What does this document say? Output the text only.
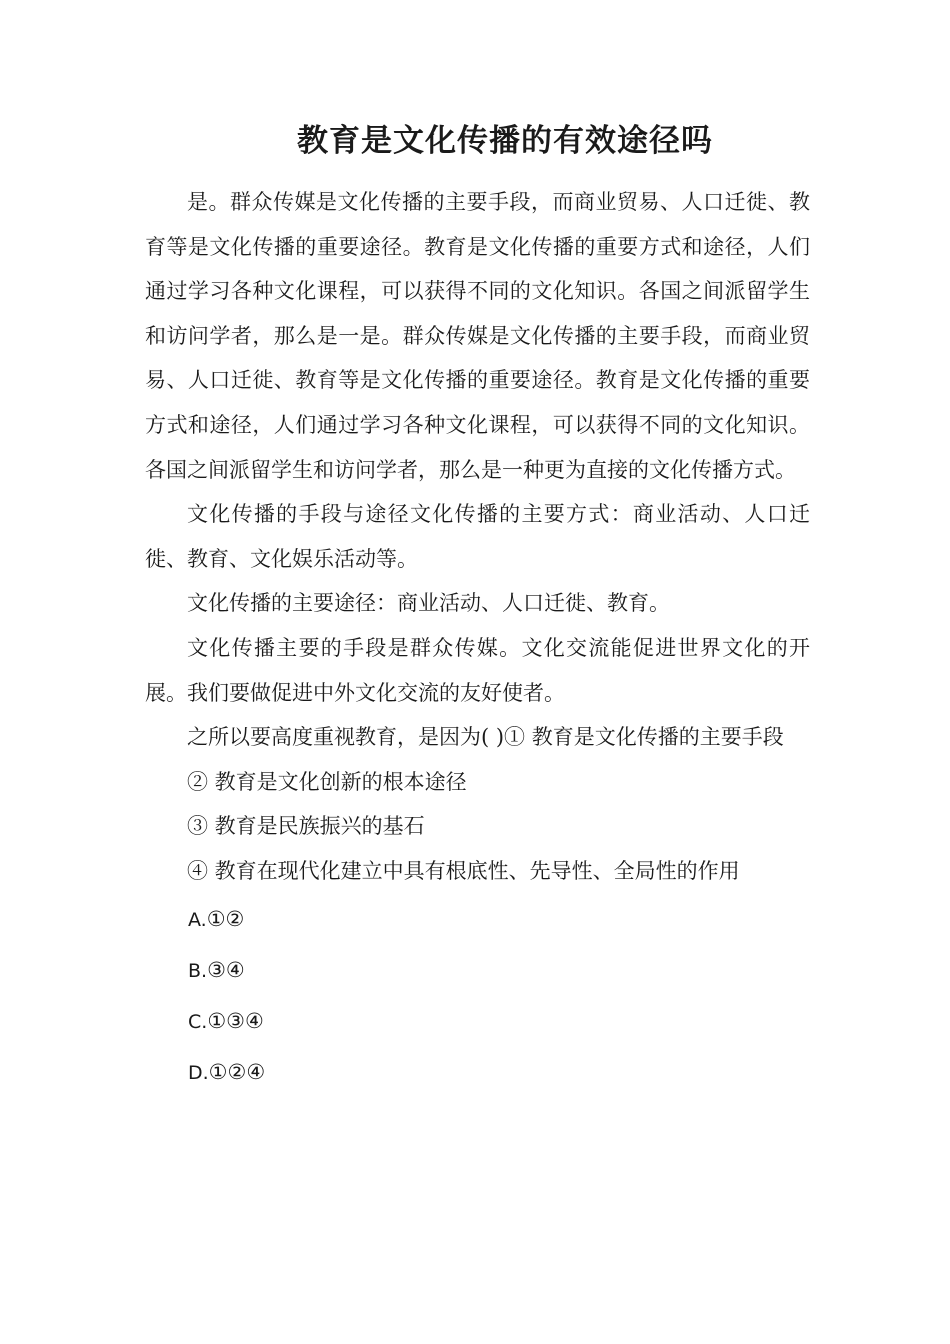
教育是文化传播的有效途径吗

是。群众传媒是文化传播的主要手段，而商业贸易、人口迁徙、教育等是文化传播的重要途径。教育是文化传播的重要方式和途径，人们通过学习各种文化课程，可以获得不同的文化知识。各国之间派留学生和访问学者，那么是一是。群众传媒是文化传播的主要手段，而商业贸易、人口迁徙、教育等是文化传播的重要途径。教育是文化传播的重要方式和途径，人们通过学习各种文化课程，可以获得不同的文化知识。各国之间派留学生和访问学者，那么是一种更为直接的文化传播方式。

文化传播的手段与途径文化传播的主要方式：商业活动、人口迁徙、教育、文化娱乐活动等。

文化传播的主要途径：商业活动、人口迁徙、教育。

文化传播主要的手段是群众传媒。文化交流能促进世界文化的开展。我们要做促进中外文化交流的友好使者。

之所以要高度重视教育，是因为( )① 教育是文化传播的主要手段

② 教育是文化创新的根本途径

③ 教育是民族振兴的基石

④ 教育在现代化建立中具有根底性、先导性、全局性的作用

A.①②
B.③④
C.①③④
D.①②④
